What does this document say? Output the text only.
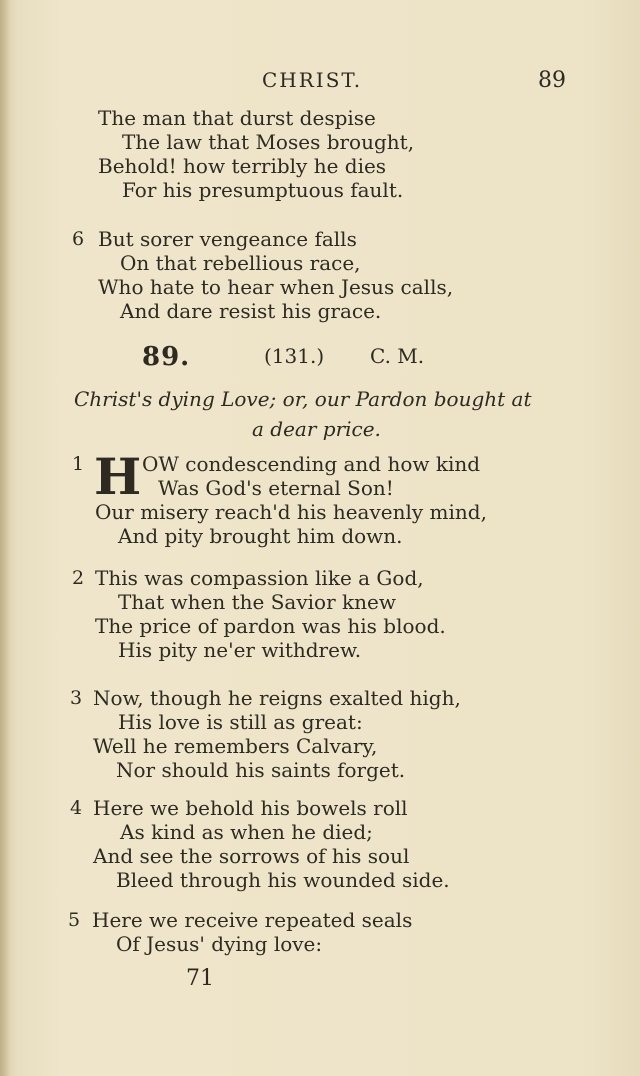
CHRIST.	89
The man that durst despise
The law that Moses brought,
Behold! how terribly he dies
For his presumptuous fault.
6 But sorer vengeance falls
On that rebellious race,
Who hate to hear when Jesus calls,
And dare resist his grace.
89.	(131.) C. M.
Christ's dying Love; or, our Pardon bought at
a dear price.
1 H OW condescending and how kind
Was God's eternal Son!
Our misery reach'd his heavenly mind,
And pity brought him down.
2 This was compassion like a God,
That when the Savior knew
The price of pardon was his blood.
His pity ne'er withdrew.
3 Now, though he reigns exalted high,
His love is still as great:
Well he remembers Calvary,
Nor should his saints forget.
4 Here we behold his bowels roll
As kind as when he died;
And see the sorrows of his soul
Bleed through his wounded side.
5 Here we receive repeated seals
Of Jesus' dying love:
71
